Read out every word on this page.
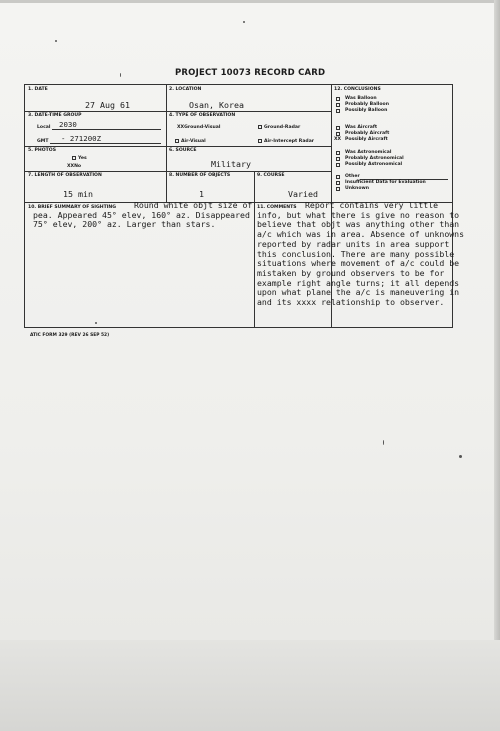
PROJECT 10073 RECORD CARD
1. DATE
27 Aug 61
2. LOCATION
Osan, Korea
3. DATE-TIME GROUP
Local 2030
GMT - 271200Z
4. TYPE OF OBSERVATION
XXGround-Visual	Ground-Radar
Air-Visual	Air-Intercept Radar
5. PHOTOS
Yes
XXNo
6. SOURCE
Military
7. LENGTH OF OBSERVATION
15 min
8. NUMBER OF OBJECTS
1
9. COURSE
Varied
10. BRIEF SUMMARY OF SIGHTING	Round white objt size of
pea. Appeared 45° elev, 160° az. Disappeared
75° elev, 200° az. Larger than stars.
11. COMMENTS	Report contains very little
info, but what there is give no reason to
believe that objt was anything other than
a/c which was in area. Absence of unknowns
reported by radar units in area support
this conclusion. There are many possible
situations where movement of a/c could be
mistaken by ground observers to be for
example right angle turns; it all depends
upon what plane the a/c is maneuvering in
and its xxxx relationship to observer.
12. CONCLUSIONS
Was Balloon
Probably Balloon
Possibly Balloon
Was Aircraft
Probably Aircraft
XX Possibly Aircraft
Was Astronomical
Probably Astronomical
Possibly Astronomical
Other
Insufficient Data for Evaluation
Unknown
ATIC FORM 329 (REV 26 SEP 52)
